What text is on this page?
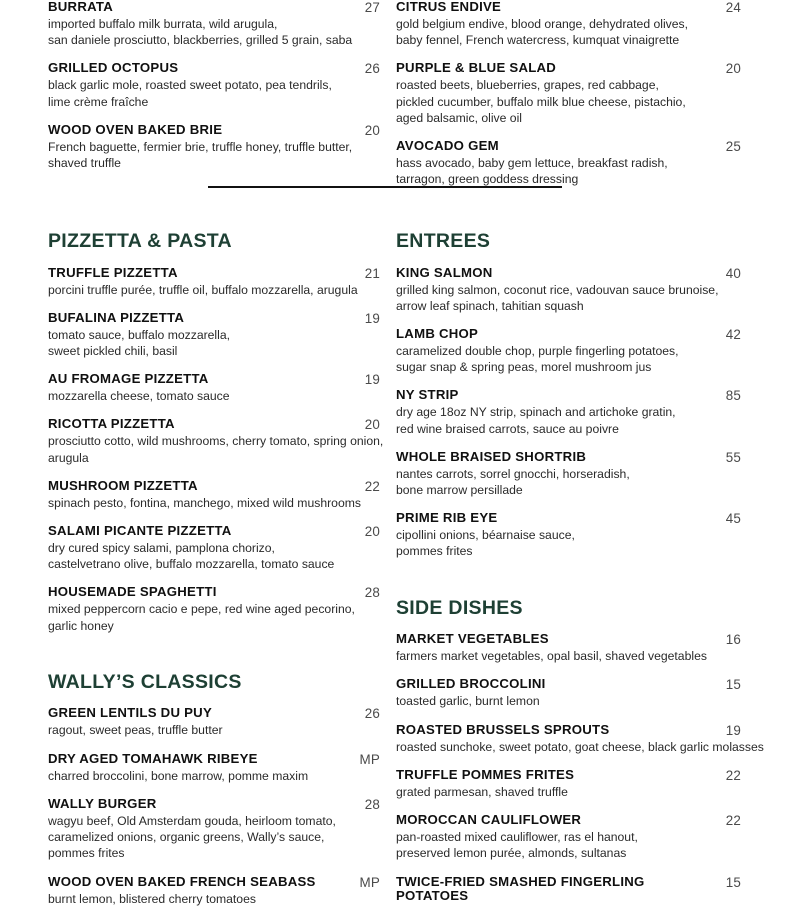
BURRATA	27
imported buffalo milk burrata, wild arugula,
san daniele prosciutto, blackberries, grilled 5 grain, saba
GRILLED OCTOPUS	26
black garlic mole, roasted sweet potato, pea tendrils,
lime crème fraîche
WOOD OVEN BAKED BRIE	20
French baguette, fermier brie, truffle honey, truffle butter,
shaved truffle
CITRUS ENDIVE	24
gold belgium endive, blood orange, dehydrated olives,
baby fennel, French watercress, kumquat vinaigrette
PURPLE & BLUE SALAD	20
roasted beets, blueberries, grapes, red cabbage,
pickled cucumber, buffalo milk blue cheese, pistachio,
aged balsamic, olive oil
AVOCADO GEM	25
hass avocado, baby gem lettuce, breakfast radish,
tarragon, green goddess dressing
PIZZETTA & PASTA
TRUFFLE PIZZETTA	21
porcini truffle purée, truffle oil, buffalo mozzarella, arugula
BUFALINA PIZZETTA	19
tomato sauce, buffalo mozzarella,
sweet pickled chili, basil
AU FROMAGE PIZZETTA	19
mozzarella cheese, tomato sauce
RICOTTA PIZZETTA	20
prosciutto cotto, wild mushrooms, cherry tomato, spring onion,
arugula
MUSHROOM PIZZETTA	22
spinach pesto, fontina, manchego, mixed wild mushrooms
SALAMI PICANTE PIZZETTA	20
dry cured spicy salami, pamplona chorizo,
castelvetrano olive, buffalo mozzarella, tomato sauce
HOUSEMADE SPAGHETTI	28
mixed peppercorn cacio e pepe, red wine aged pecorino,
garlic honey
WALLY’S CLASSICS
GREEN LENTILS DU PUY	26
ragout, sweet peas, truffle butter
DRY AGED TOMAHAWK RIBEYE	MP
charred broccolini, bone marrow, pomme maxim
WALLY BURGER	28
wagyu beef, Old Amsterdam gouda, heirloom tomato,
caramelized onions, organic greens, Wally’s sauce,
pommes frites
WOOD OVEN BAKED FRENCH SEABASS	MP
burnt lemon, blistered cherry tomatoes
ENTREES
KING SALMON	40
grilled king salmon, coconut rice, vadouvan sauce brunoise,
arrow leaf spinach, tahitian squash
LAMB CHOP	42
caramelized double chop, purple fingerling potatoes,
sugar snap & spring peas, morel mushroom jus
NY STRIP	85
dry age 18oz NY strip, spinach and artichoke gratin,
red wine braised carrots, sauce au poivre
WHOLE BRAISED SHORTRIB	55
nantes carrots, sorrel gnocchi, horseradish,
bone marrow persillade
PRIME RIB EYE	45
cipollini onions, béarnaise sauce,
pommes frites
SIDE DISHES
MARKET VEGETABLES	16
farmers market vegetables, opal basil, shaved vegetables
GRILLED BROCCOLINI	15
toasted garlic, burnt lemon
ROASTED BRUSSELS SPROUTS	19
roasted sunchoke, sweet potato, goat cheese, black garlic molasses
TRUFFLE POMMES FRITES	22
grated parmesan, shaved truffle
MOROCCAN CAULIFLOWER	22
pan-roasted mixed cauliflower, ras el hanout,
preserved lemon purée, almonds, sultanas
TWICE-FRIED SMASHED FINGERLING POTATOES
15
